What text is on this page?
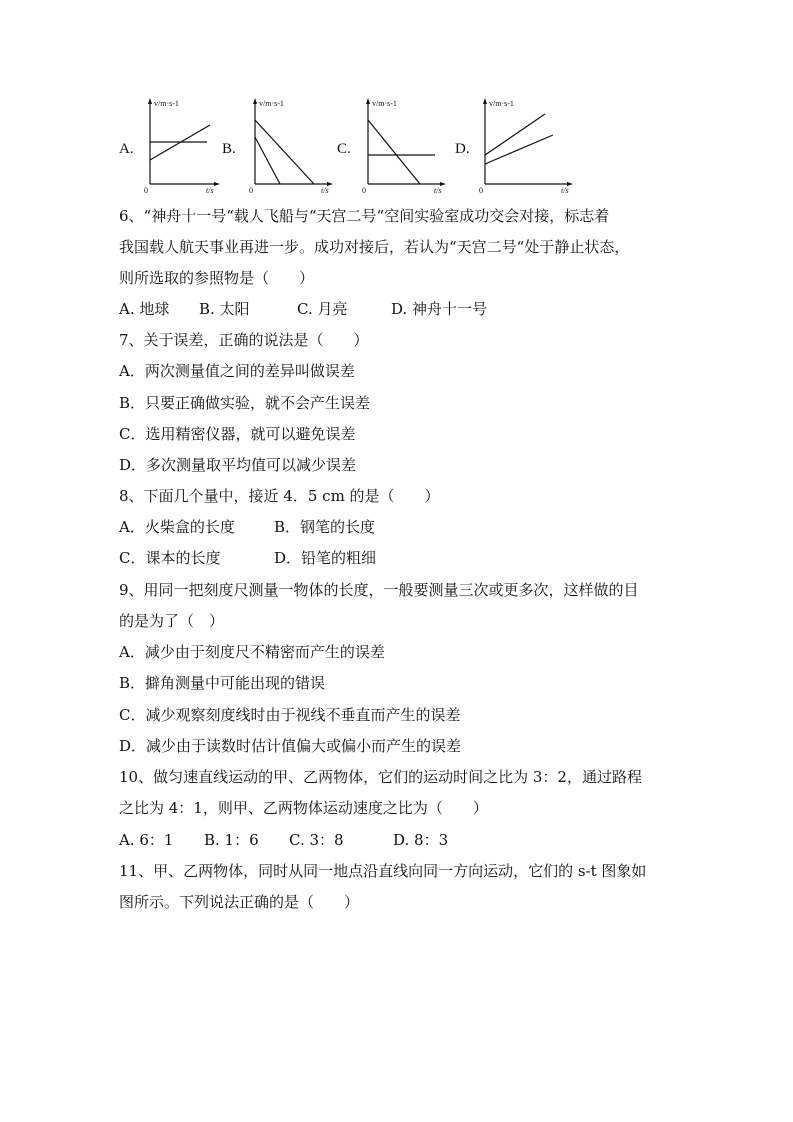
A.	B.	C.	D.
v/m·s-1
0	t/s
v/m·s-1
0	t/s
v/m·s-1
0	t/s
v/m·s-1
0	t/s
6、“神舟十一号“载人飞船与“天宫二号“空间实验室成功交会对接，标志着
我国载人航天事业再进一步。成功对接后，若认为“天宫二号“处于静止状态，
则所选取的参照物是（　　）
A. 地球 B. 太阳	C. 月亮	D. 神舟十一号
7、关于误差，正确的说法是（　　）
A．两次测量值之间的差异叫做误差
B．只要正确做实验，就不会产生误差
C．选用精密仪器，就可以避免误差
D．多次测量取平均值可以减少误差
8、下面几个量中，接近 4．5 cm 的是（　　）
A．火柴盒的长度	B．钢笔的长度
C．课本的长度	D．铅笔的粗细
9、用同一把刻度尺测量一物体的长度，一般要测量三次或更多次，这样做的目
的是为了（　）
A．减少由于刻度尺不精密而产生的误差
B．擗角测量中可能出现的错误
C．减少观察刻度线时由于视线不垂直而产生的误差
D．减少由于读数时估计值偏大或偏小而产生的误差
10、做匀速直线运动的甲、乙两物体，它们的运动时间之比为 3：2，通过路程
之比为 4：1，则甲、乙两物体运动速度之比为（　　）
A. 6：1 B. 1：6 C. 3：8	D. 8：3
11、甲、乙两物体，同时从同一地点沿直线向同一方向运动，它们的 s-t 图象如
图所示。下列说法正确的是（　　）
